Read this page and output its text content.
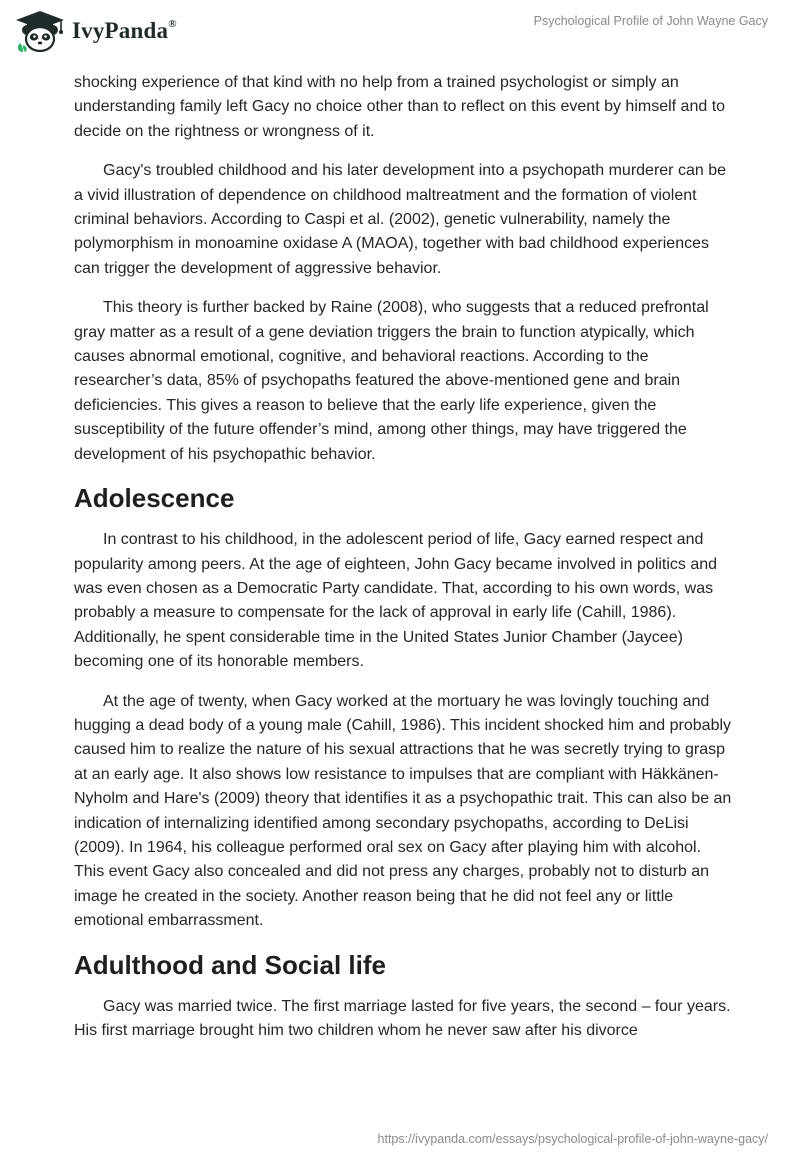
IvyPanda®	Psychological Profile of John Wayne Gacy

shocking experience of that kind with no help from a trained psychologist or simply an understanding family left Gacy no choice other than to reflect on this event by himself and to decide on the rightness or wrongness of it.

Gacy's troubled childhood and his later development into a psychopath murderer can be a vivid illustration of dependence on childhood maltreatment and the formation of violent criminal behaviors. According to Caspi et al. (2002), genetic vulnerability, namely the polymorphism in monoamine oxidase A (MAOA), together with bad childhood experiences can trigger the development of aggressive behavior.

This theory is further backed by Raine (2008), who suggests that a reduced prefrontal gray matter as a result of a gene deviation triggers the brain to function atypically, which causes abnormal emotional, cognitive, and behavioral reactions. According to the researcher’s data, 85% of psychopaths featured the above-mentioned gene and brain deficiencies. This gives a reason to believe that the early life experience, given the susceptibility of the future offender’s mind, among other things, may have triggered the development of his psychopathic behavior.

Adolescence

In contrast to his childhood, in the adolescent period of life, Gacy earned respect and popularity among peers. At the age of eighteen, John Gacy became involved in politics and was even chosen as a Democratic Party candidate. That, according to his own words, was probably a measure to compensate for the lack of approval in early life (Cahill, 1986). Additionally, he spent considerable time in the United States Junior Chamber (Jaycee) becoming one of its honorable members.

At the age of twenty, when Gacy worked at the mortuary he was lovingly touching and hugging a dead body of a young male (Cahill, 1986). This incident shocked him and probably caused him to realize the nature of his sexual attractions that he was secretly trying to grasp at an early age. It also shows low resistance to impulses that are compliant with Häkkänen-Nyholm and Hare's (2009) theory that identifies it as a psychopathic trait. This can also be an indication of internalizing identified among secondary psychopaths, according to DeLisi (2009). In 1964, his colleague performed oral sex on Gacy after playing him with alcohol. This event Gacy also concealed and did not press any charges, probably not to disturb an image he created in the society. Another reason being that he did not feel any or little emotional embarrassment.

Adulthood and Social life

Gacy was married twice. The first marriage lasted for five years, the second – four years. His first marriage brought him two children whom he never saw after his divorce

https://ivypanda.com/essays/psychological-profile-of-john-wayne-gacy/
